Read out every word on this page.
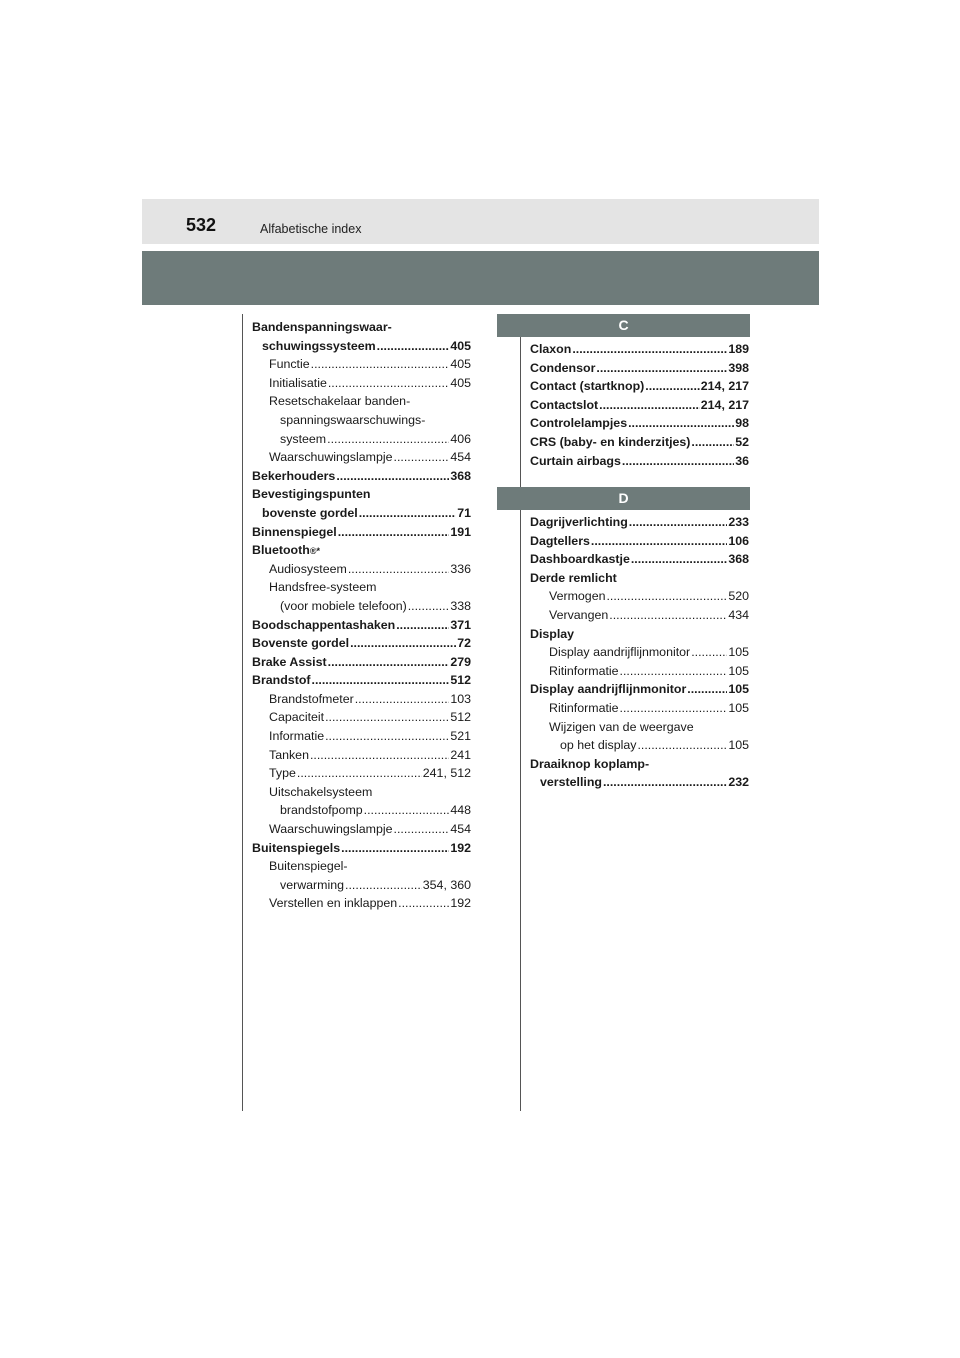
532	Alfabetische index
Bandenspanningswaar-
schuwingssysteem .....	405
Functie .....	405
Initialisatie .....	405
Resetschakelaar banden-
spanningswaarschuwings-
systeem .....	406
Waarschuwingslampje .....	454
Bekerhouders .....	368
Bevestigingspunten
bovenste gordel .....	71
Binnenspiegel .....	191
Bluetooth ®*
Audiosysteem .....	336
Handsfree-systeem
(voor mobiele telefoon) .....	338
Boodschappentashaken .....	371
Bovenste gordel .....	72
Brake Assist .....	279
Brandstof .....	512
Brandstofmeter .....	103
Capaciteit .....	512
Informatie .....	521
Tanken .....	241
Type .....	241, 512
Uitschakelsysteem
brandstofpomp .....	448
Waarschuwingslampje .....	454
Buitenspiegels .....	192
Buitenspiegel-
verwarming .....	354, 360
Verstellen en inklappen .....	192
C
Claxon .....	189
Condensor .....	398
Contact (startknop) .....	214, 217
Contactslot .....	214, 217
Controlelampjes .....	98
CRS (baby- en kinderzitjes) .....	52
Curtain airbags .....	36
D
Dagrijverlichting .....	233
Dagtellers .....	106
Dashboardkastje .....	368
Derde remlicht
Vermogen .....	520
Vervangen .....	434
Display
Display aandrijflijnmonitor .....	105
Ritinformatie .....	105
Display aandrijflijnmonitor .....	105
Ritinformatie .....	105
Wijzigen van de weergave
op het display .....	105
Draaiknop koplamp-
verstelling .....	232
